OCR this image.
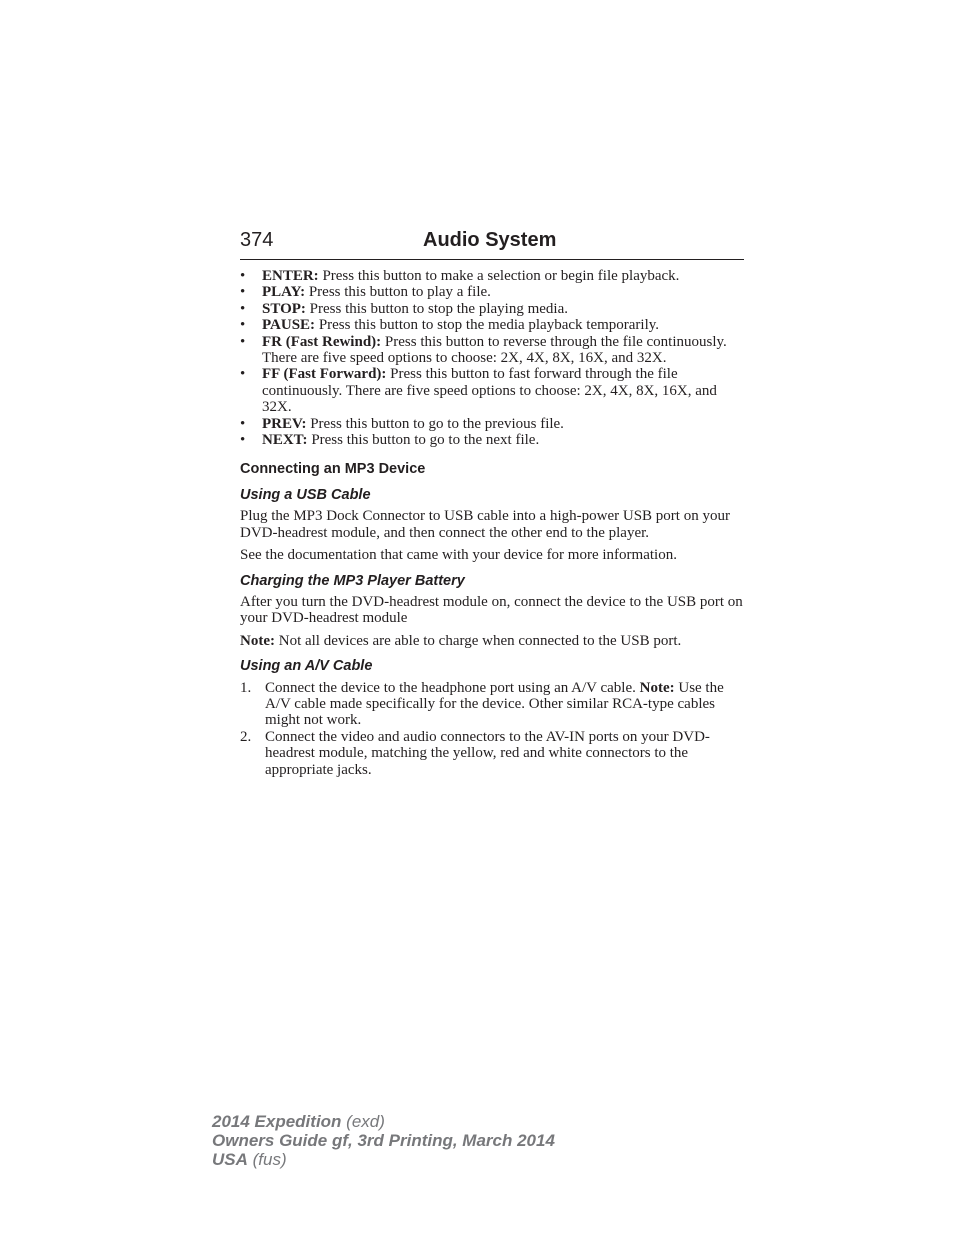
374	Audio System
• ENTER: Press this button to make a selection or begin file playback.
• PLAY: Press this button to play a file.
• STOP: Press this button to stop the playing media.
• PAUSE: Press this button to stop the media playback temporarily.
• FR (Fast Rewind): Press this button to reverse through the file continuously. There are five speed options to choose: 2X, 4X, 8X, 16X, and 32X.
• FF (Fast Forward): Press this button to fast forward through the file continuously. There are five speed options to choose: 2X, 4X, 8X, 16X, and 32X.
• PREV: Press this button to go to the previous file.
• NEXT: Press this button to go to the next file.
Connecting an MP3 Device
Using a USB Cable

Plug the MP3 Dock Connector to USB cable into a high-power USB port on your DVD-headrest module, and then connect the other end to the player.

See the documentation that came with your device for more information.

Charging the MP3 Player Battery

After you turn the DVD-headrest module on, connect the device to the USB port on your DVD-headrest module

Note: Not all devices are able to charge when connected to the USB port.

Using an A/V Cable
1. Connect the device to the headphone port using an A/V cable. Note: Use the A/V cable made specifically for the device. Other similar RCA-type cables might not work.
2. Connect the video and audio connectors to the AV-IN ports on your DVD-headrest module, matching the yellow, red and white connectors to the appropriate jacks.
2014 Expedition (exd)
Owners Guide gf, 3rd Printing, March 2014
USA (fus)
